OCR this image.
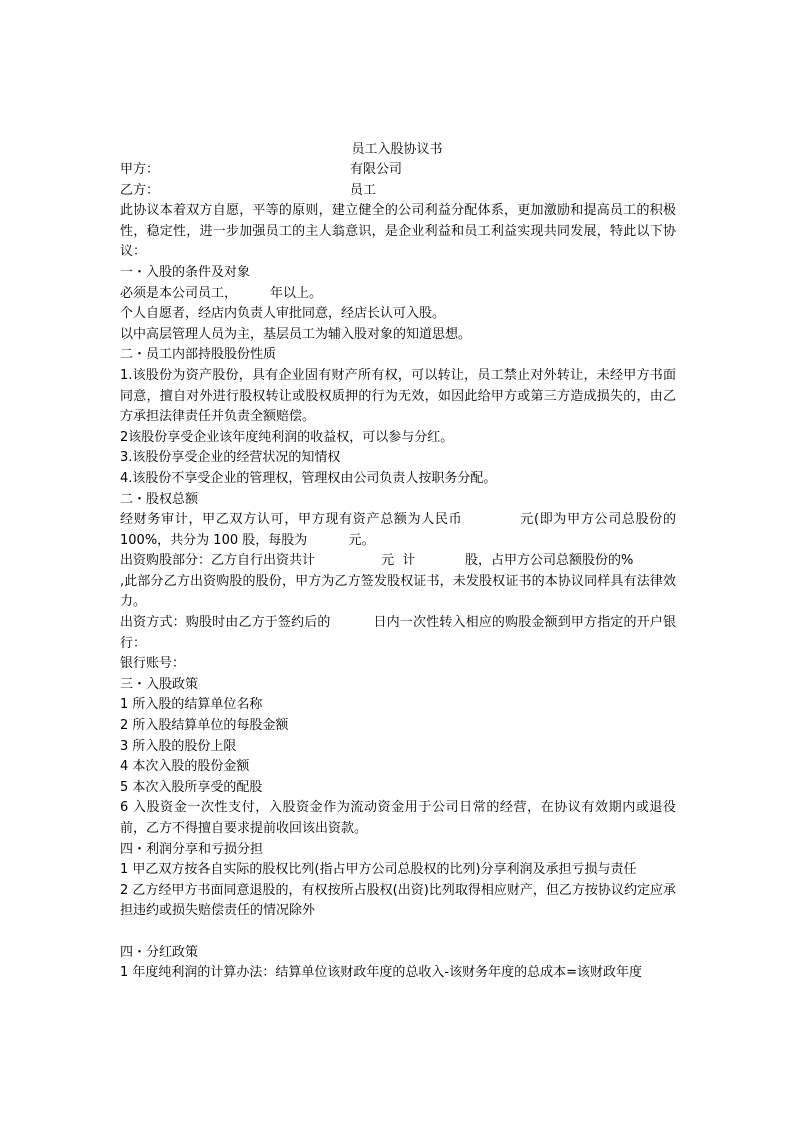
员工入股协议书
甲方：	有限公司
乙方：	员工
此协议本着双方自愿，平等的原则，建立健全的公司利益分配体系，更加激励和提高员工的积极性，稳定性，进一步加强员工的主人翁意识，是企业利益和员工利益实现共同发展，特此以下协议：
一・入股的条件及对象
必须是本公司员工，        年以上。
个人自愿者，经店内负责人审批同意，经店长认可入股。
以中高层管理人员为主，基层员工为辅入股对象的知道思想。
二・员工内部持股股份性质
1.该股份为资产股份，具有企业固有财产所有权，可以转让，员工禁止对外转让，未经甲方书面同意，擅自对外进行股权转让或股权质押的行为无效，如因此给甲方或第三方造成损失的，由乙方承担法律责任并负责全额赔偿。
2该股份享受企业该年度纯利润的收益权，可以参与分红。
3.该股份享受企业的经营状况的知情权
4.该股份不享受企业的管理权，管理权由公司负责人按职务分配。
二・股权总额
经财务审计，甲乙双方认可，甲方现有资产总额为人民币            元(即为甲方公司总股份的100%，共分为 100 股，每股为          元。
出资购股部分：乙方自行出资共计                元  计            股，占甲方公司总额股份的%
,此部分乙方出资购股的股份，甲方为乙方签发股权证书，未发股权证书的本协议同样具有法律效力。
出资方式：购股时由乙方于签约后的          日内一次性转入相应的购股金额到甲方指定的开户银行：
银行账号：
三・入股政策
1 所入股的结算单位名称
2 所入股结算单位的每股金额
3 所入股的股份上限
4 本次入股的股份金额
5 本次入股所享受的配股
6 入股资金一次性支付，入股资金作为流动资金用于公司日常的经营，在协议有效期内或退役前，乙方不得擅自要求提前收回该出资款。
四・利润分享和亏损分担
1 甲乙双方按各自实际的股权比列(指占甲方公司总股权的比列)分享利润及承担亏损与责任
2 乙方经甲方书面同意退股的，有权按所占股权(出资)比列取得相应财产，但乙方按协议约定应承担违约或损失赔偿责任的情况除外
四・分红政策
1 年度纯利润的计算办法：结算单位该财政年度的总收入-该财务年度的总成本=该财政年度
